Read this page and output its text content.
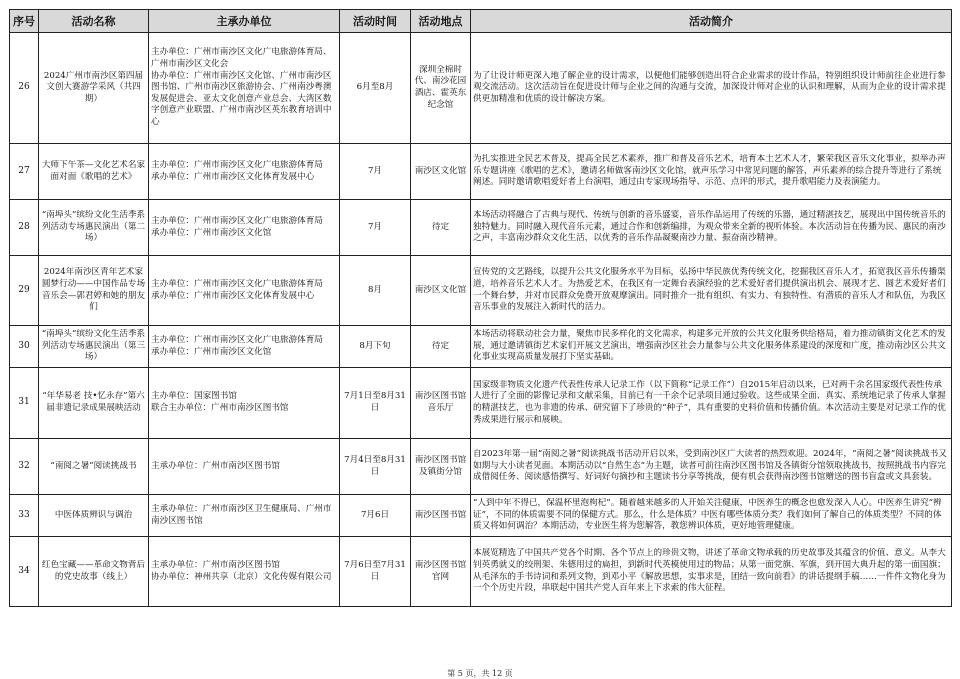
序号	活动名称	主承办单位	活动时间	活动地点	活动简介

26	2024广州市南沙区第四届文创大赛游学采风（共四期）	主办单位：广州市南沙区文化广电旅游体育局、广州市南沙区文化会
协办单位：广州市南沙区文化馆、广州市南沙区图书馆、广州市南沙区旅游协会、广州南沙粤澳发展促进会、亚太文化创意产业总会、大湾区数字创意产业联盟、广州市南沙区英东教育培训中心	6月至8月	深圳全棉时代、南沙花园酒店、霍英东纪念馆	为了让设计师更深入地了解企业的设计需求，以便他们能够创造出符合企业需求的设计作品，特别组织设计师前往企业进行参观交流活动。这次活动旨在促进设计师与企业之间的沟通与交流，加深设计师对企业的认识和理解，从而为企业的设计需求提供更加精准和优质的设计解决方案。

27	大师下午茶—文化艺术名家面对面《歌唱的艺术》	主办单位：广州市南沙区文化广电旅游体育局
承办单位：广州市南沙区文化体育发展中心	7月	南沙区文化馆	为扎实推进全民艺术普及，提高全民艺术素养，推广和普及音乐艺术，培育本土艺术人才，繁荣我区音乐文化事业，拟举办声乐专题讲座《歌唱的艺术》，邀请名师做客南沙区文化馆，就声乐学习中常见问题的解答，声乐素养的综合提升等进行了系统阐述。同时邀请歌唱爱好者上台演唱，通过由专家现场指导、示范、点评的形式，提升歌唱能力及表演能力。

28	“南埠头”缤纷文化生活季系列活动专场惠民演出（第二场）	主办单位：广州市南沙区文化广电旅游体育局
承办单位：广州市南沙区文化馆	7月	待定	本场活动将融合了古典与现代、传统与创新的音乐盛宴，音乐作品运用了传统的乐器，通过精湛技艺，展现出中国传统音乐的独特魅力。同时融入现代音乐元素，通过合作和创新编排，为观众带来全新的视听体验。本次活动旨在传播为民、惠民的南沙之声，丰富南沙群众文化生活，以优秀的音乐作品凝聚南沙力量、振奋南沙精神。

29	2024年南沙区青年艺术家圆梦行动——中国作品专场音乐会—郭君婷和她的朋友们	主办单位：广州市南沙区文化广电旅游体育局
承办单位：广州市南沙区文化体育发展中心	8月	南沙区文化馆	宣传党的文艺路线，以提升公共文化服务水平为目标，弘扬中华民族优秀传统文化，挖掘我区音乐人才，拓宽我区音乐传播渠道，培养音乐艺术人才。为热爱艺术，在我区有一定舞台表演经验的艺术爱好者们提供演出机会、展现才艺、圆艺术爱好者们一个舞台梦，并对市民群众免费开放观摩演出。同时推介一批有组织、有实力、有独特性、有潜质的音乐人才和队伍，为我区音乐事业的发展注入新时代的活力。

30	“南埠头”缤纷文化生活季系列活动专场惠民演出（第三场）	主办单位：广州市南沙区文化广电旅游体育局
承办单位：广州市南沙区文化馆	8月下旬	待定	本场活动将联动社会力量，聚焦市民多样化的文化需求，构建多元开放的公共文化服务供给格局，着力推动镇街文化艺术的发展，通过邀请镇街艺术家们开展文艺演出，增强南沙区社会力量参与公共文化服务体系建设的深度和广度，推动南沙区公共文化事业实现高质量发展打下坚实基础。

31	“年华易老 技•忆永存”第六届非遗记录成果展映活动	主办单位：国家图书馆
联合主办单位：广州市南沙区图书馆	7月1日至8月31日	南沙区图书馆音乐厅	国家级非物质文化遗产代表性传承人记录工作（以下简称“记录工作”）自2015年启动以来，已对两千余名国家级代表性传承人进行了全面的影像记录和文献采集，目前已有一千余个记录项目通过验收。这些成果全面、真实、系统地记录了传承人掌握的精湛技艺，也为非遗的传承、研究留下了珍贵的“种子”，具有重要的史料价值和传播价值。本次活动主要是对记录工作的优秀成果进行展示和展映。

32	“南阅之暑”阅读挑战书	主承办单位：广州市南沙区图书馆	7月4日至8月31日	南沙区图书馆及镇街分馆	自2023年第一届“南阅之暑”阅读挑战书活动开启以来，受到南沙区广大读者的热烈欢迎。2024年，“南阅之暑”阅读挑战书又如期与大小读者见面。本期活动以“自然生态”为主题，读者可前往南沙区图书馆及各镇街分馆领取挑战书，按照挑战书内容完成借阅任务、阅读感悟撰写、好词好句摘抄和主题读书分享等挑战，便有机会获得南沙图书馆赠送的图书盲盒或文具套装。

33	中医体质辨识与调治	主承办单位：广州市南沙区卫生健康局、广州市南沙区图书馆	7月6日	南沙区图书馆	“人到中年不得已，保温杯里泡枸杞”。随着越来越多的人开始关注健康，中医养生的概念也愈发深入人心。中医养生讲究“辨证”，不同的体质需要不同的保健方式。那么，什么是体质？中医有哪些体质分类？我们如何了解自己的体质类型？不同的体质又将如何调治？本期活动，专业医生将为您解答，教您辨识体质，更好地管理健康。

34	红色宝藏——革命文物背后的党史故事（线上）	主承办单位：广州市南沙区图书馆
协办单位：神州共享（北京）文化传媒有限公司	7月6日至7月31日	南沙区图书馆官网	本展览精选了中国共产党各个时期、各个节点上的珍贵文物，讲述了革命文物承载的历史故事及其蕴含的价值、意义。从李大钊英勇就义的绞刑架、朱德用过的扁担，到新时代英模使用过的物品；从第一面党旗、军旗，到开国大典升起的第一面国旗；从毛泽东的手书诗词和系列文物，到邓小平《解放思想，实事求是，团结一致向前看》的讲话提纲手稿……一件件文物化身为一个个历史片段，串联起中国共产党人百年来上下求索的伟大征程。
第 5 页，共 12 页
